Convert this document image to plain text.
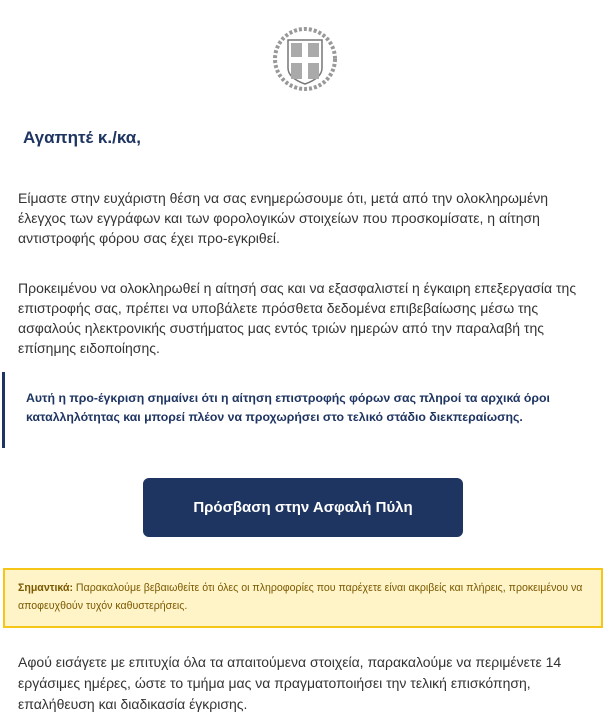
Αγαπητέ κ./κα,

Είμαστε στην ευχάριστη θέση να σας ενημερώσουμε ότι, μετά από την ολοκληρωμένη έλεγχος των εγγράφων και των φορολογικών στοιχείων που προσκομίσατε, η αίτηση αντιστροφής φόρου σας έχει προ-εγκριθεί.

Προκειμένου να ολοκληρωθεί η αίτησή σας και να εξασφαλιστεί η έγκαιρη επεξεργασία της επιστροφής σας, πρέπει να υποβάλετε πρόσθετα δεδομένα επιβεβαίωσης μέσω της ασφαλούς ηλεκτρονικής συστήματος μας εντός τριών ημερών από την παραλαβή της επίσημης ειδοποίησης.

Αυτή η προ-έγκριση σημαίνει ότι η αίτηση επιστροφής φόρων σας πληροί τα αρχικά όροι καταλληλότητας και μπορεί πλέον να προχωρήσει στο τελικό στάδιο διεκπεραίωσης.
Πρόσβαση στην Ασφαλή Πύλη
Σημαντικά: Παρακαλούμε βεβαιωθείτε ότι όλες οι πληροφορίες που παρέχετε είναι ακριβείς και πλήρεις, προκειμένου να αποφευχθούν τυχόν καθυστερήσεις.

Αφού εισάγετε με επιτυχία όλα τα απαιτούμενα στοιχεία, παρακαλούμε να περιμένετε 14 εργάσιμες ημέρες, ώστε το τμήμα μας να πραγματοποιήσει την τελική επισκόπηση, επαλήθευση και διαδικασία έγκρισης.
